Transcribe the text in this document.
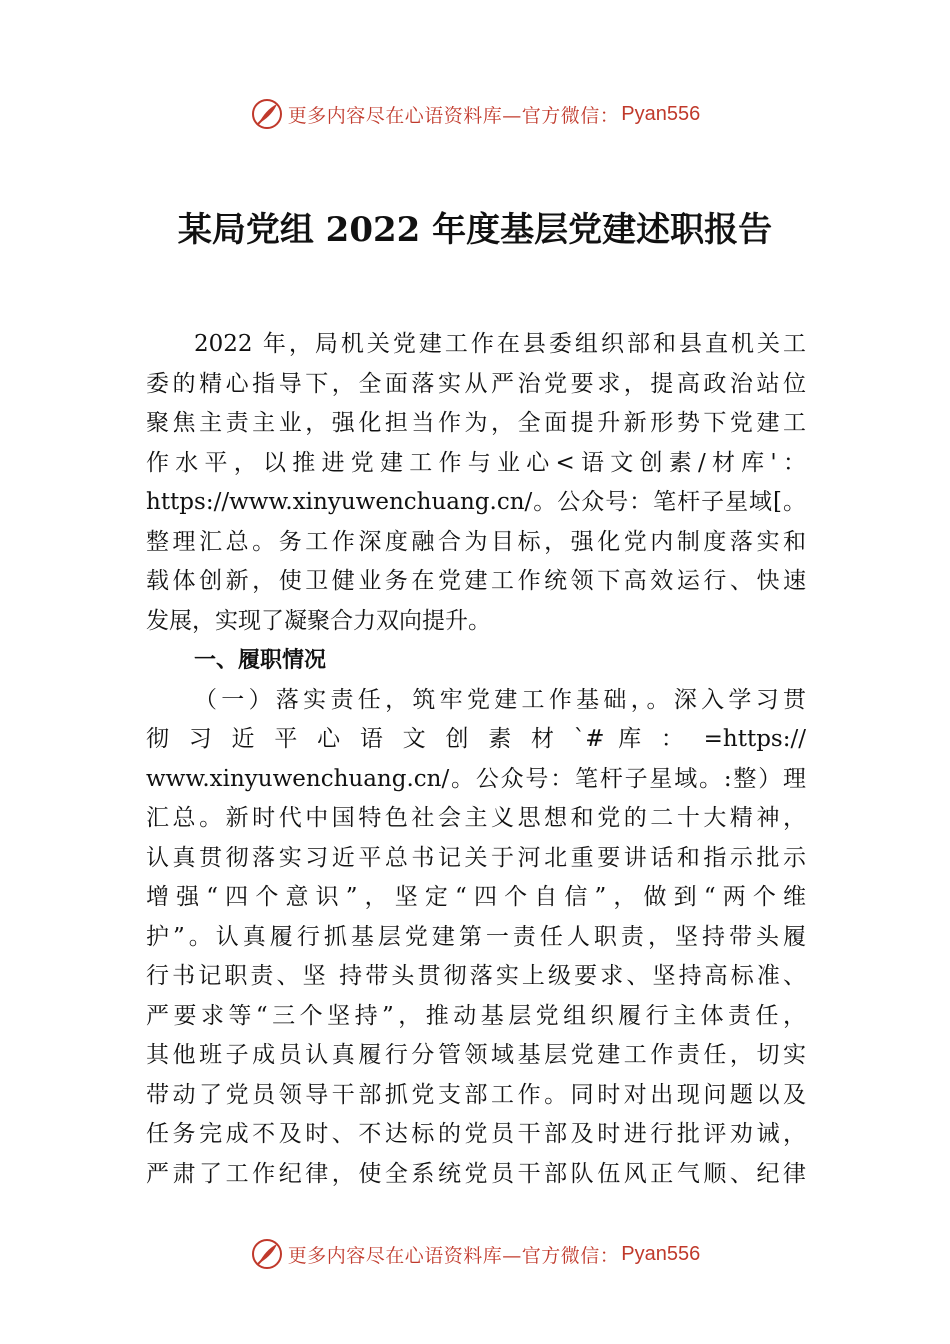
更多内容尽在心语资料库—官方微信： Pyan556
某局党组 2022 年度基层党建述职报告
2022 年，局机关党建工作在县委组织部和县直机关工
委的精心指导下，全面落实从严治党要求，提高政治站位
聚焦主责主业，强化担当作为，全面提升新形势下党建工
作水平，以推进党建工作与业心<语文创素/材库'：
https://www.xinyuwenchuang.cn/。公众号：笔杆子星域[。
整理汇总。务工作深度融合为目标，强化党内制度落实和
载体创新，使卫健业务在党建工作统领下高效运行、快速
发展，实现了凝聚合力双向提升。
一、履职情况
（一）落实责任，筑牢党建工作基础，。深入学习贯
彻 习 近 平 心 语 文 创 素 材 `# 库 ： =https://
www.xinyuwenchuang.cn/。公众号：笔杆子星域。:整）理
汇总。新时代中国特色社会主义思想和党的二十大精神，
认真贯彻落实习近平总书记关于河北重要讲话和指示批示
增强“四个意识”，坚定“四个自信”，做到“两个维
护”。认真履行抓基层党建第一责任人职责，坚持带头履
行书记职责、坚 持带头贯彻落实上级要求、坚持高标准、
严要求等“三个坚持”，推动基层党组织履行主体责任，
其他班子成员认真履行分管领域基层党建工作责任，切实
带动了党员领导干部抓党支部工作。同时对出现问题以及
任务完成不及时、不达标的党员干部及时进行批评劝诫，
严肃了工作纪律，使全系统党员干部队伍风正气顺、纪律
更多内容尽在心语资料库—官方微信： Pyan556
